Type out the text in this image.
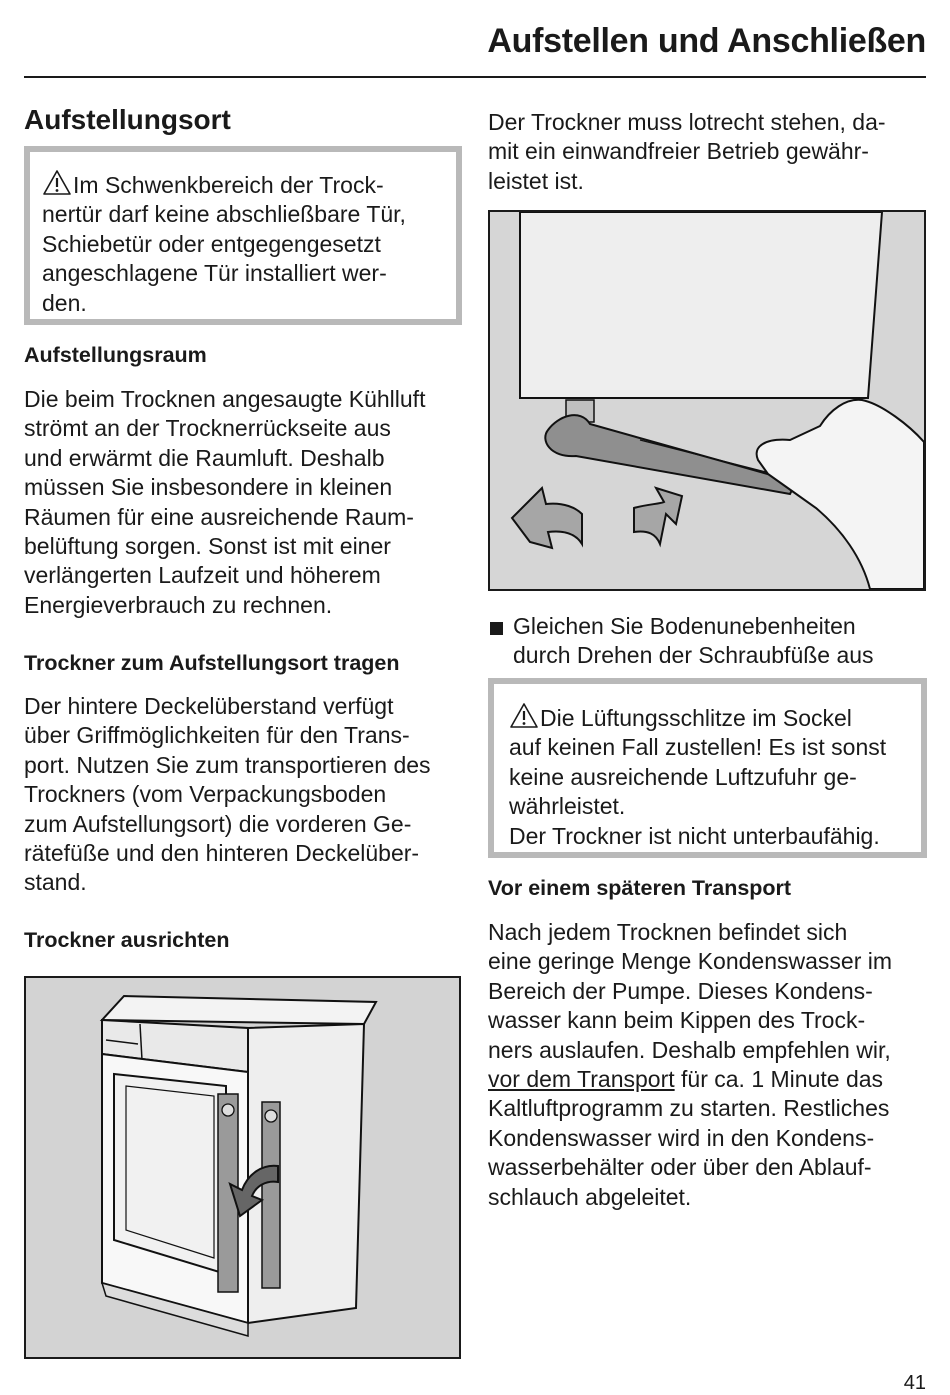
Aufstellen und Anschließen
Aufstellungsort
Im Schwenkbereich der Trock-
nertür darf keine abschließbare Tür,
Schiebetür oder entgegengesetzt
angeschlagene Tür installiert wer-
den.
Aufstellungsraum
Die beim Trocknen angesaugte Kühlluft
strömt an der Trocknerrückseite aus
und erwärmt die Raumluft. Deshalb
müssen Sie insbesondere in kleinen
Räumen für eine ausreichende Raum-
belüftung sorgen. Sonst ist mit einer
verlängerten Laufzeit und höherem
Energieverbrauch zu rechnen.
Trockner zum Aufstellungsort tragen
Der hintere Deckelüberstand verfügt
über Griffmöglichkeiten für den Trans-
port. Nutzen Sie zum transportieren des
Trockners (vom Verpackungsboden
zum Aufstellungsort) die vorderen Ge-
rätefüße und den hinteren Deckelüber-
stand.
Trockner ausrichten
Der Trockner muss lotrecht stehen, da-
mit ein einwandfreier Betrieb gewähr-
leistet ist.
Gleichen Sie Bodenunebenheiten
durch Drehen der Schraubfüße aus
Die Lüftungsschlitze im Sockel
auf keinen Fall zustellen! Es ist sonst
keine ausreichende Luftzufuhr ge-
währleistet.
Der Trockner ist nicht unterbaufähig.
Vor einem späteren Transport
Nach jedem Trocknen befindet sich
eine geringe Menge Kondenswasser im
Bereich der Pumpe. Dieses Kondens-
wasser kann beim Kippen des Trock-
ners auslaufen. Deshalb empfehlen wir,
vor dem Transport für ca. 1 Minute das
Kaltluftprogramm zu starten. Restliches
Kondenswasser wird in den Kondens-
wasserbehälter oder über den Ablauf-
schlauch abgeleitet.
41
